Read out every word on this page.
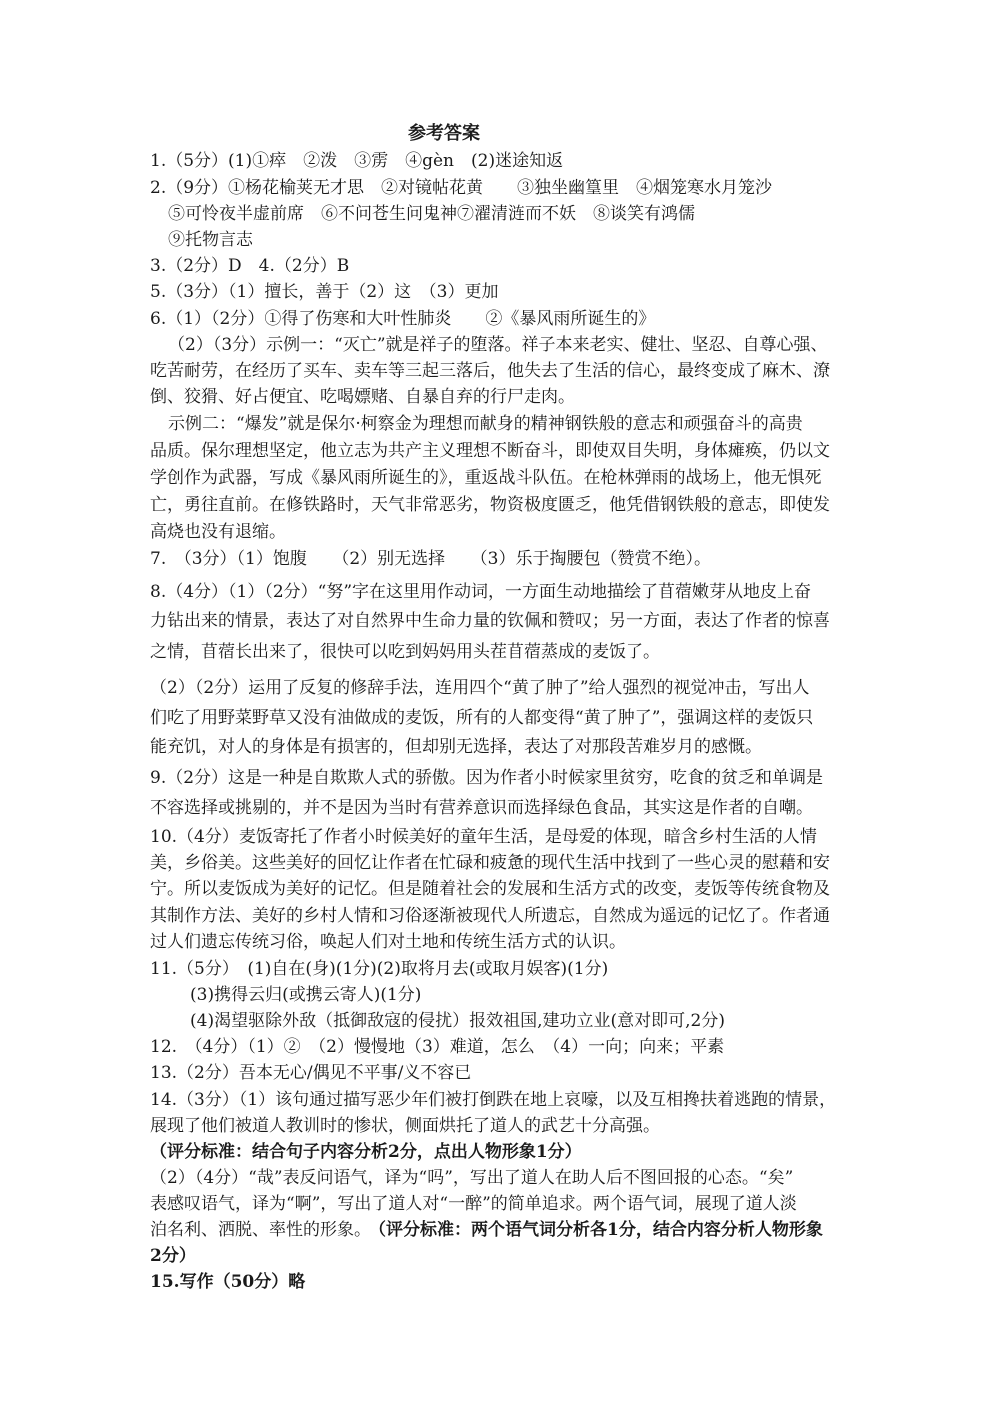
参考答案
1.（5分）(1)①瘁　②泼　③雳　④gèn　(2)迷途知返
2.（9分）①杨花榆荚无才思　②对镜帖花黄　　③独坐幽篁里　④烟笼寒水月笼沙
⑤可怜夜半虚前席　⑥不问苍生问鬼神⑦濯清涟而不妖　⑧谈笑有鸿儒
⑨托物言志
3.（2分）D　4.（2分）B
5.（3分）（1）擅长，善于（2）这　（3）更加
6.（1）（2分）①得了伤寒和大叶性肺炎　　②《暴风雨所诞生的》
（2）（3分）示例一：“灭亡”就是祥子的堕落。祥子本来老实、健壮、坚忍、自尊心强、
吃苦耐劳，在经历了买车、卖车等三起三落后，他失去了生活的信心，最终变成了麻木、潦
倒、狡猾、好占便宜、吃喝嫖赌、自暴自弃的行尸走肉。
示例二：“爆发”就是保尔·柯察金为理想而献身的精神钢铁般的意志和顽强奋斗的高贵
品质。保尔理想坚定，他立志为共产主义理想不断奋斗，即使双目失明，身体瘫痪，仍以文
学创作为武器，写成《暴风雨所诞生的》，重返战斗队伍。在枪林弹雨的战场上，他无惧死
亡，勇往直前。在修铁路时，天气非常恶劣，物资极度匮乏，他凭借钢铁般的意志，即使发
高烧也没有退缩。
7.　（3分）（1）饱腹　　（2）别无选择　　（3）乐于掏腰包（赞赏不绝）。
8.（4分）（1）（2分）“努”字在这里用作动词，一方面生动地描绘了苜蓿嫩芽从地皮上奋
力钻出来的情景，表达了对自然界中生命力量的钦佩和赞叹；另一方面，表达了作者的惊喜
之情，苜蓿长出来了，很快可以吃到妈妈用头茬苜蓿蒸成的麦饭了。
（2）（2分）运用了反复的修辞手法，连用四个“黄了肿了”给人强烈的视觉冲击，写出人
们吃了用野菜野草又没有油做成的麦饭，所有的人都变得“黄了肿了”，强调这样的麦饭只
能充饥，对人的身体是有损害的，但却别无选择，表达了对那段苦难岁月的感慨。
9.（2分）这是一种是自欺欺人式的骄傲。因为作者小时候家里贫穷，吃食的贫乏和单调是
不容选择或挑剔的，并不是因为当时有营养意识而选择绿色食品，其实这是作者的自嘲。
10.（4分）麦饭寄托了作者小时候美好的童年生活，是母爱的体现，暗含乡村生活的人情
美，乡俗美。这些美好的回忆让作者在忙碌和疲惫的现代生活中找到了一些心灵的慰藉和安
宁。所以麦饭成为美好的记忆。但是随着社会的发展和生活方式的改变，麦饭等传统食物及
其制作方法、美好的乡村人情和习俗逐渐被现代人所遗忘，自然成为遥远的记忆了。作者通
过人们遗忘传统习俗，唤起人们对土地和传统生活方式的认识。
11.（5分）　(1)自在(身)(1分)(2)取将月去(或取月娱客)(1分)
(3)携得云归(或携云寄人)(1分)
(4)渴望驱除外敌（抵御敌寇的侵扰）报效祖国,建功立业(意对即可,2分)
12.　（4分）（1）②　（2）慢慢地（3）难道，怎么　（4）一向；向来；平素
13.（2分）吾本无心/偶见不平事/义不容已
14.（3分）（1）该句通过描写恶少年们被打倒跌在地上哀嚎，以及互相搀扶着逃跑的情景，
展现了他们被道人教训时的惨状，侧面烘托了道人的武艺十分高强。
（评分标准：结合句子内容分析2分，点出人物形象1分）
（2）（4分）“哉”表反问语气，译为“吗”，写出了道人在助人后不图回报的心态。“矣”
表感叹语气，译为“啊”，写出了道人对“一醉”的简单追求。两个语气词，展现了道人淡
泊名利、洒脱、率性的形象。
（评分标准：两个语气词分析各1分，结合内容分析人物形象
2分）
15.写作（50分）略
